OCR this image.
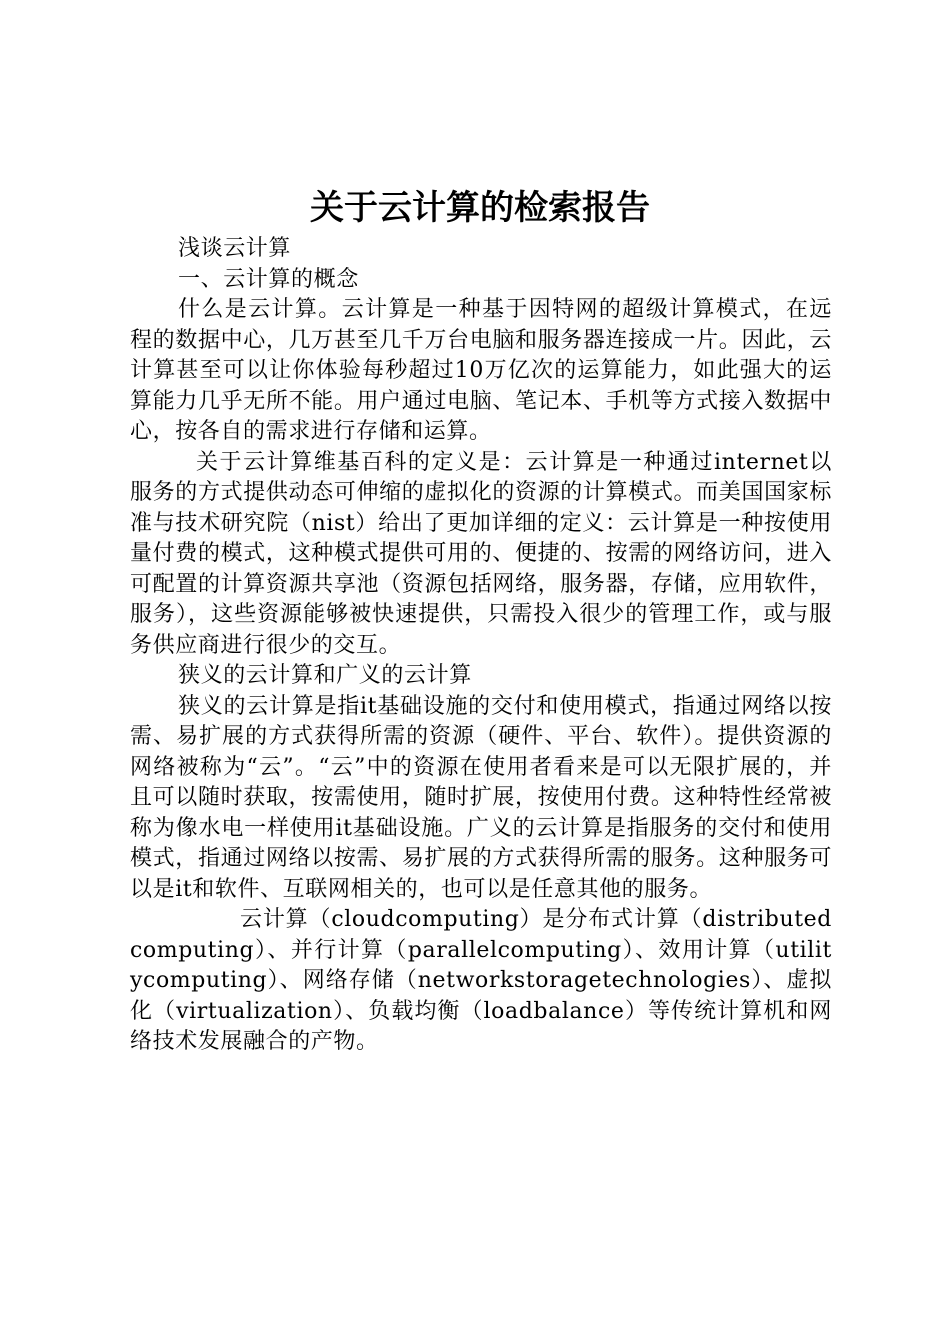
关于云计算的检索报告

浅谈云计算

一、云计算的概念

什么是云计算。云计算是一种基于因特网的超级计算模式，在远程的数据中心，几万甚至几千万台电脑和服务器连接成一片。因此，云计算甚至可以让你体验每秒超过10万亿次的运算能力，如此强大的运算能力几乎无所不能。用户通过电脑、笔记本、手机等方式接入数据中心，按各自的需求进行存储和运算。

关于云计算维基百科的定义是：云计算是一种通过internet以服务的方式提供动态可伸缩的虚拟化的资源的计算模式。而美国国家标准与技术研究院（nist）给出了更加详细的定义：云计算是一种按使用量付费的模式，这种模式提供可用的、便捷的、按需的网络访问，进入可配置的计算资源共享池（资源包括网络，服务器，存储，应用软件，服务），这些资源能够被快速提供，只需投入很少的管理工作，或与服务供应商进行很少的交互。

狭义的云计算和广义的云计算

狭义的云计算是指it基础设施的交付和使用模式，指通过网络以按需、易扩展的方式获得所需的资源（硬件、平台、软件）。提供资源的网络被称为“云”。“云”中的资源在使用者看来是可以无限扩展的，并且可以随时获取，按需使用，随时扩展，按使用付费。这种特性经常被称为像水电一样使用it基础设施。广义的云计算是指服务的交付和使用模式，指通过网络以按需、易扩展的方式获得所需的服务。这种服务可以是it和软件、互联网相关的，也可以是任意其他的服务。

云计算（cloudcomputing）是分布式计算（distributedcomputing）、并行计算（parallelcomputing）、效用计算（utilitycomputing）、网络存储（networkstoragetechnologies）、虚拟化（virtualization）、负载均衡（loadbalance）等传统计算机和网络技术发展融合的产物。
